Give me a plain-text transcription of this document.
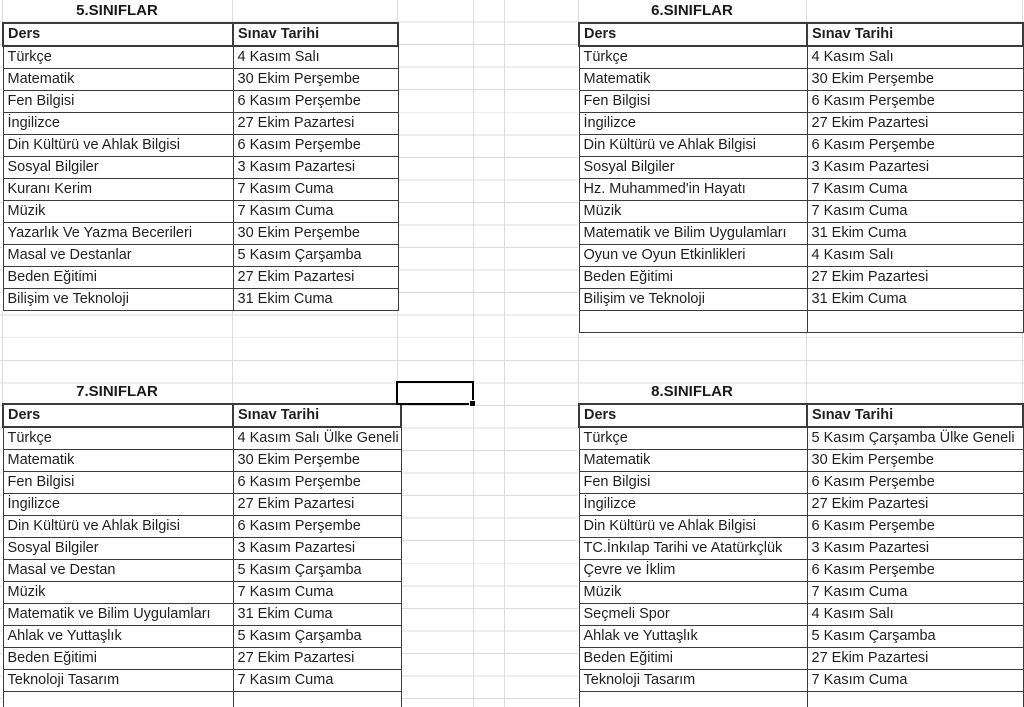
5.SINIFLAR
Ders	Sınav Tarihi
Türkçe	4 Kasım Salı
Matematik	30 Ekim Perşembe
Fen Bilgisi	6 Kasım Perşembe
İngilizce	27 Ekim Pazartesi
Din Kültürü ve Ahlak Bilgisi	6 Kasım Perşembe
Sosyal Bilgiler	3 Kasım Pazartesi
Kuranı Kerim	7 Kasım Cuma
Müzik	7 Kasım Cuma
Yazarlık Ve Yazma Becerileri	30 Ekim Perşembe
Masal ve Destanlar	5 Kasım Çarşamba
Beden Eğitimi	27 Ekim Pazartesi
Bilişim ve Teknoloji	31 Ekim Cuma
6.SINIFLAR
Ders	Sınav Tarihi
Türkçe	4 Kasım Salı
Matematik	30 Ekim Perşembe
Fen Bilgisi	6 Kasım Perşembe
İngilizce	27 Ekim Pazartesi
Din Kültürü ve Ahlak Bilgisi	6 Kasım Perşembe
Sosyal Bilgiler	3 Kasım Pazartesi
Hz. Muhammed'in Hayatı	7 Kasım Cuma
Müzik	7 Kasım Cuma
Matematik ve Bilim Uygulamları	31 Ekim Cuma
Oyun ve Oyun Etkinlikleri	4 Kasım Salı
Beden Eğitimi	27 Ekim Pazartesi
Bilişim ve Teknoloji	31 Ekim Cuma

7.SINIFLAR
Ders	Sınav Tarihi
Türkçe	4 Kasım Salı Ülke Geneli
Matematik	30 Ekim Perşembe
Fen Bilgisi	6 Kasım Perşembe
İngilizce	27 Ekim Pazartesi
Din Kültürü ve Ahlak Bilgisi	6 Kasım Perşembe
Sosyal Bilgiler	3 Kasım Pazartesi
Masal ve Destan	5 Kasım Çarşamba
Müzik	7 Kasım Cuma
Matematik ve Bilim Uygulamları	31 Ekim Cuma
Ahlak ve Yuttaşlık	5 Kasım Çarşamba
Beden Eğitimi	27 Ekim Pazartesi
Teknoloji Tasarım	7 Kasım Cuma

8.SINIFLAR
Ders	Sınav Tarihi
Türkçe	5 Kasım Çarşamba Ülke Geneli
Matematik	30 Ekim Perşembe
Fen Bilgisi	6 Kasım Perşembe
İngilizce	27 Ekim Pazartesi
Din Kültürü ve Ahlak Bilgisi	6 Kasım Perşembe
TC.İnkılap Tarihi ve Atatürkçlük	3 Kasım Pazartesi
Çevre ve İklim	6 Kasım Perşembe
Müzik	7 Kasım Cuma
Seçmeli Spor	4 Kasım Salı
Ahlak ve Yuttaşlık	5 Kasım Çarşamba
Beden Eğitimi	27 Ekim Pazartesi
Teknoloji Tasarım	7 Kasım Cuma
